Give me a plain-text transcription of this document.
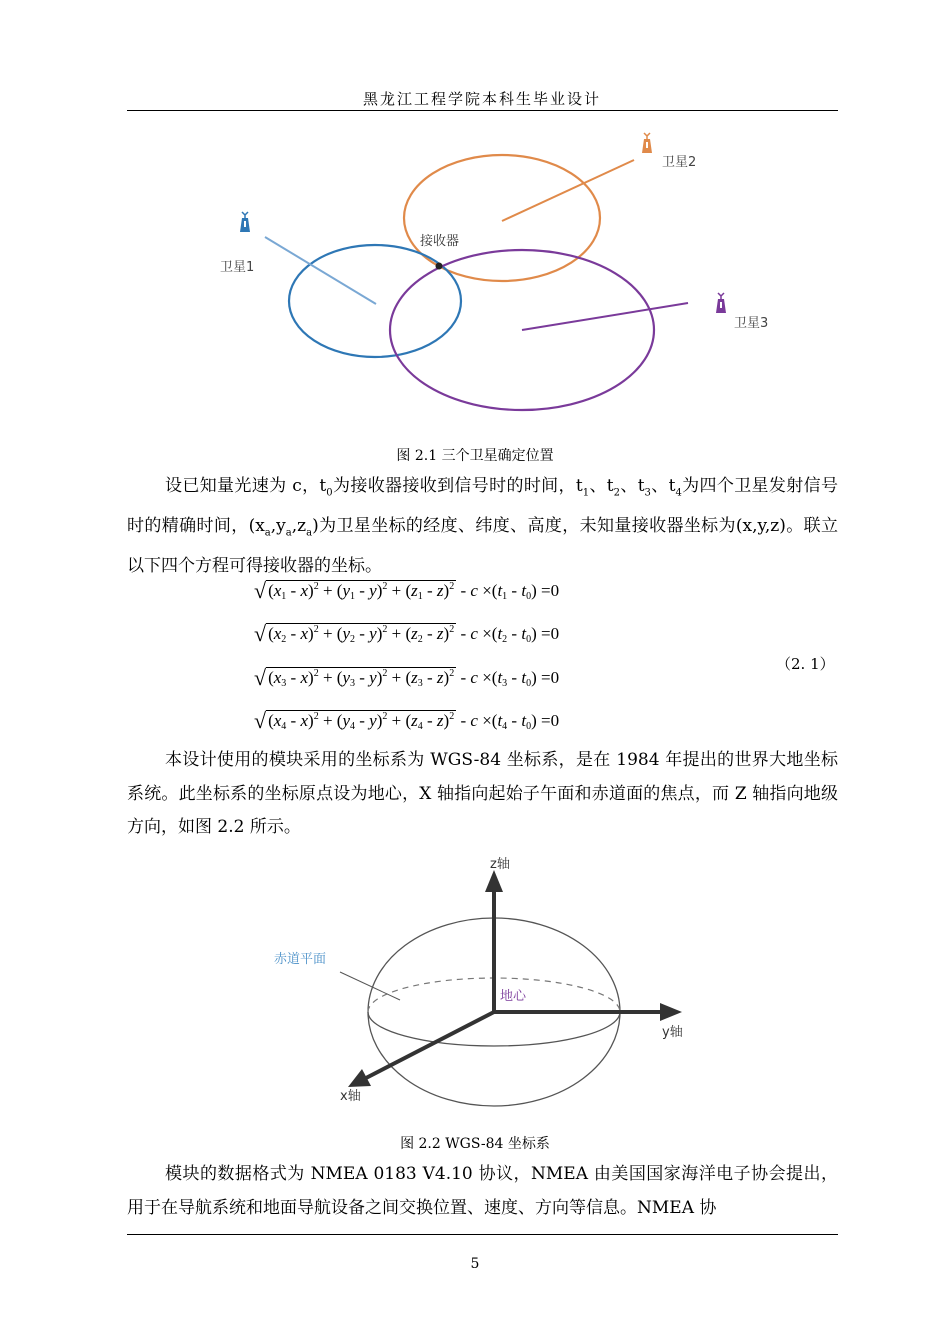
黑龙江工程学院本科生毕业设计
接收器
卫星1
卫星2
卫星3
图 2.1 三个卫星确定位置

设已知量光速为 c，$t_0$为接收器接收到信号时的时间，$t_1$、$t_2$、$t_3$、$t_4$为四个卫星发射信号时的精确时间，$(x_a,y_a,z_a)$为卫星坐标的经度、纬度、高度，未知量接收器坐标为(x,y,z)。联立以下四个方程可得接收器的坐标。

√ $(x_1 - x)^2 + (y_1 - y)^2 + (z_1 - z)^2 - c \times(t_1 - t_0) =0$
√ $(x_2 - x)^2 + (y_2 - y)^2 + (z_2 - z)^2 - c \times(t_2 - t_0) =0$
√ $(x_3 - x)^2 + (y_3 - y)^2 + (z_3 - z)^2 - c \times(t_3 - t_0) =0$
√ $(x_4 - x)^2 + (y_4 - y)^2 + (z_4 - z)^2 - c \times(t_4 - t_0) =0$
（2. 1）

本设计使用的模块采用的坐标系为 WGS-84 坐标系，是在 1984 年提出的世界大地坐标系统。此坐标系的坐标原点设为地心，X 轴指向起始子午面和赤道面的焦点，而 Z 轴指向地级方向，如图 2.2 所示。

z轴
y轴
x轴
赤道平面
地心
图 2.2 WGS-84 坐标系

模块的数据格式为 NMEA 0183 V4.10 协议，NMEA 由美国国家海洋电子协会提出，用于在导航系统和地面导航设备之间交换位置、速度、方向等信息。NMEA 协

5
